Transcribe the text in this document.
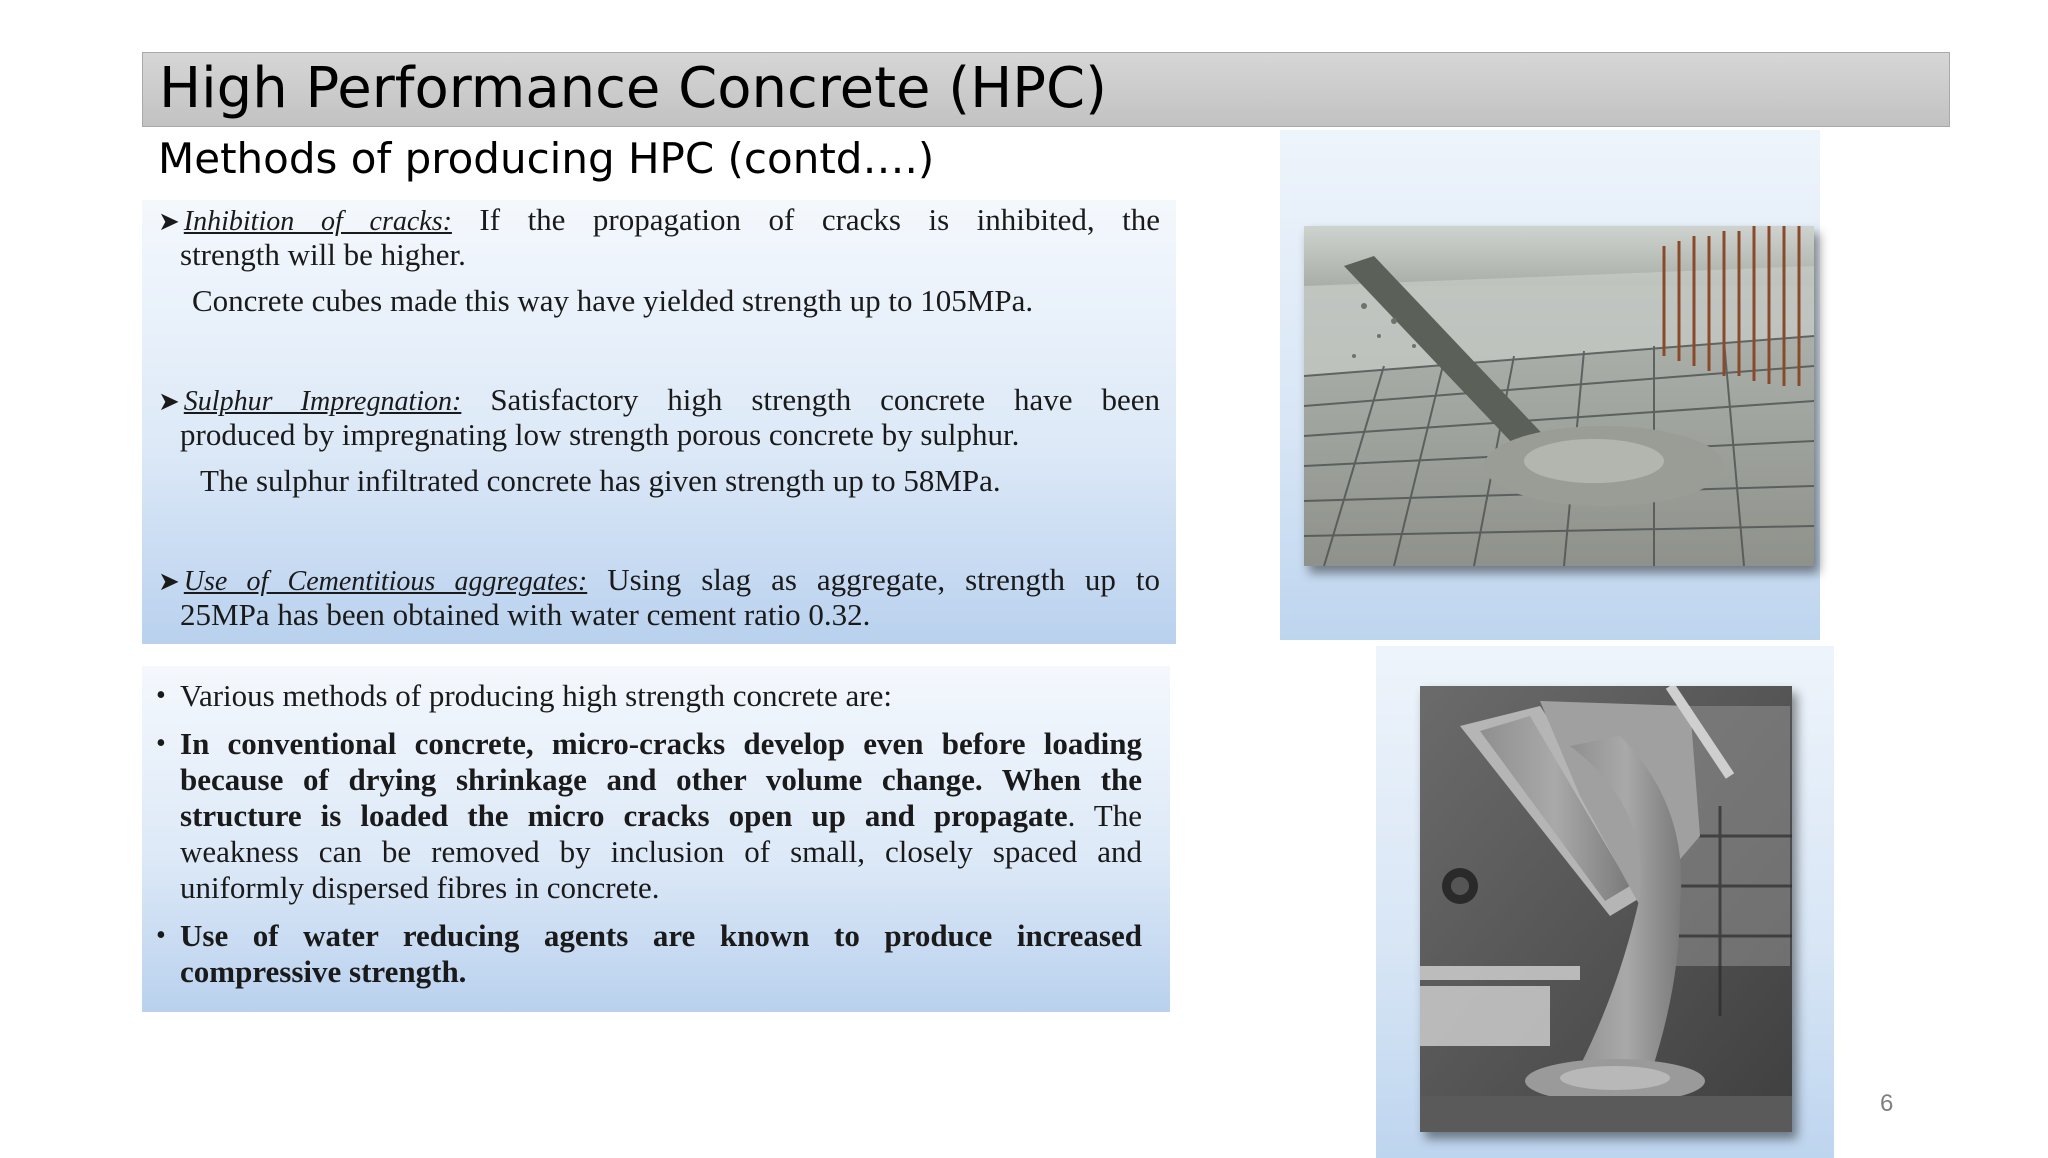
High Performance Concrete (HPC)
Methods of producing HPC (contd….)
➤ Inhibition of cracks: If the propagation of cracks is inhibited, the
strength will be higher.
Concrete cubes made this way have yielded strength up to 105MPa.
➤ Sulphur Impregnation: Satisfactory high strength concrete have been
produced by impregnating low strength porous concrete by sulphur.
The sulphur infiltrated concrete has given strength up to 58MPa.
➤ Use of Cementitious aggregates: Using slag as aggregate, strength up to
25MPa has been obtained with water cement ratio 0.32.
• Various methods of producing high strength concrete are:
• In conventional concrete, micro-cracks develop even before loading
because of drying shrinkage and other volume change. When the
structure is loaded the micro cracks open up and propagate. The
weakness can be removed by inclusion of small, closely spaced and
uniformly dispersed fibres in concrete.
• Use of water reducing agents are known to produce increased
compressive strength.
6
